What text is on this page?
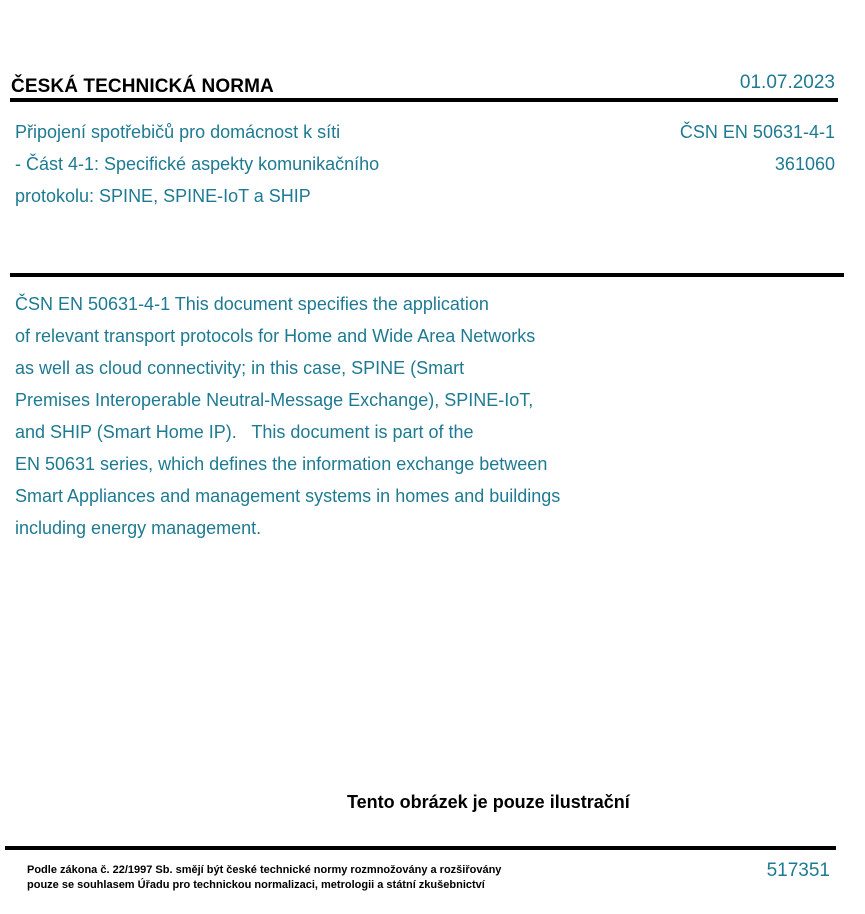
ČESKÁ TECHNICKÁ NORMA	01.07.2023
Připojení spotřebičů pro domácnost k síti
- Část 4-1: Specifické aspekty komunikačního
protokolu: SPINE, SPINE-IoT a SHIP
ČSN EN 50631-4-1
361060
ČSN EN 50631-4-1 This document specifies the application
of relevant transport protocols for Home and Wide Area Networks
as well as cloud connectivity; in this case, SPINE (Smart
Premises Interoperable Neutral-Message Exchange), SPINE-IoT,
and SHIP (Smart Home IP).   This document is part of the
EN 50631 series, which defines the information exchange between
Smart Appliances and management systems in homes and buildings
including energy management.
Tento obrázek je pouze ilustrační
Podle zákona č. 22/1997 Sb. smějí být české technické normy rozmnožovány a rozšiřovány
pouze se souhlasem Úřadu pro technickou normalizaci, metrologii a státní zkušebnictví
517351
